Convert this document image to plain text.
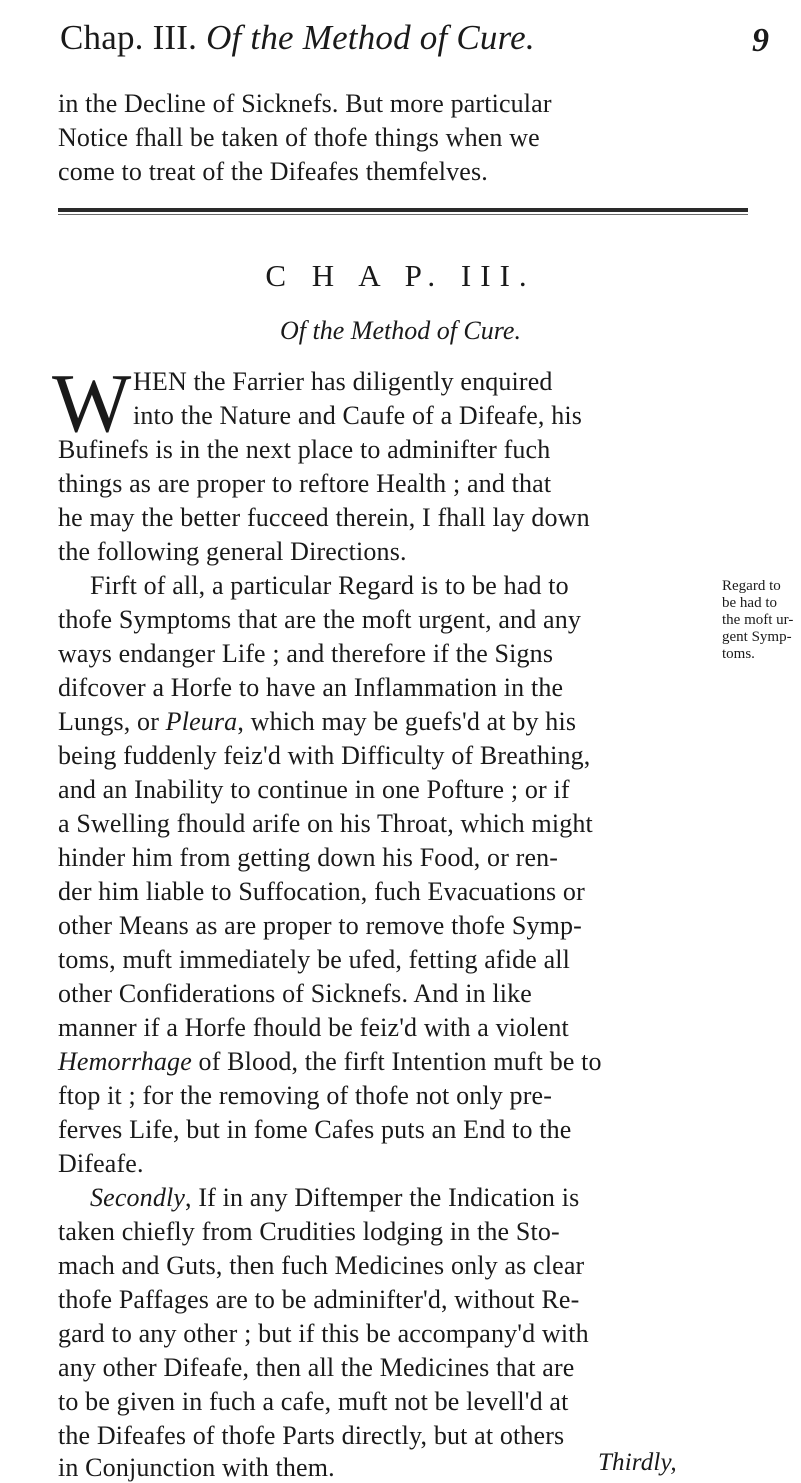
Chap. III. Of the Method of Cure.	9
in the Decline of Sicknefs. But more particular
Notice fhall be taken of thofe things when we
come to treat of the Difeafes themfelves.
C H A P. III.
Of the Method of Cure.
W HEN the Farrier has diligently enquired
into the Nature and Caufe of a Difeafe, his
Bufinefs is in the next place to adminifter fuch
things as are proper to reftore Health ; and that
he may the better fucceed therein, I fhall lay down
the following general Directions.
Firft of all, a particular Regard is to be had to
thofe Symptoms that are the moft urgent, and any
ways endanger Life ; and therefore if the Signs
difcover a Horfe to have an Inflammation in the
Lungs, or Pleura, which may be guefs'd at by his
being fuddenly feiz'd with Difficulty of Breathing,
and an Inability to continue in one Pofture ; or if
a Swelling fhould arife on his Throat, which might
hinder him from getting down his Food, or ren-
der him liable to Suffocation, fuch Evacuations or
other Means as are proper to remove thofe Symp-
toms, muft immediately be ufed, fetting afide all
other Confiderations of Sicknefs. And in like
manner if a Horfe fhould be feiz'd with a violent
Hemorrhage of Blood, the firft Intention muft be to
ftop it ; for the removing of thofe not only pre-
ferves Life, but in fome Cafes puts an End to the
Difeafe.
Secondly, If in any Diftemper the Indication is
taken chiefly from Crudities lodging in the Sto-
mach and Guts, then fuch Medicines only as clear
thofe Paffages are to be adminifter'd, without Re-
gard to any other ; but if this be accompany'd with
any other Difeafe, then all the Medicines that are
to be given in fuch a cafe, muft not be levell'd at
the Difeafes of thofe Parts directly, but at others
in Conjunction with them.
Regard to
be had to
the moft ur-
gent Symp-
toms.
Thirdly,
